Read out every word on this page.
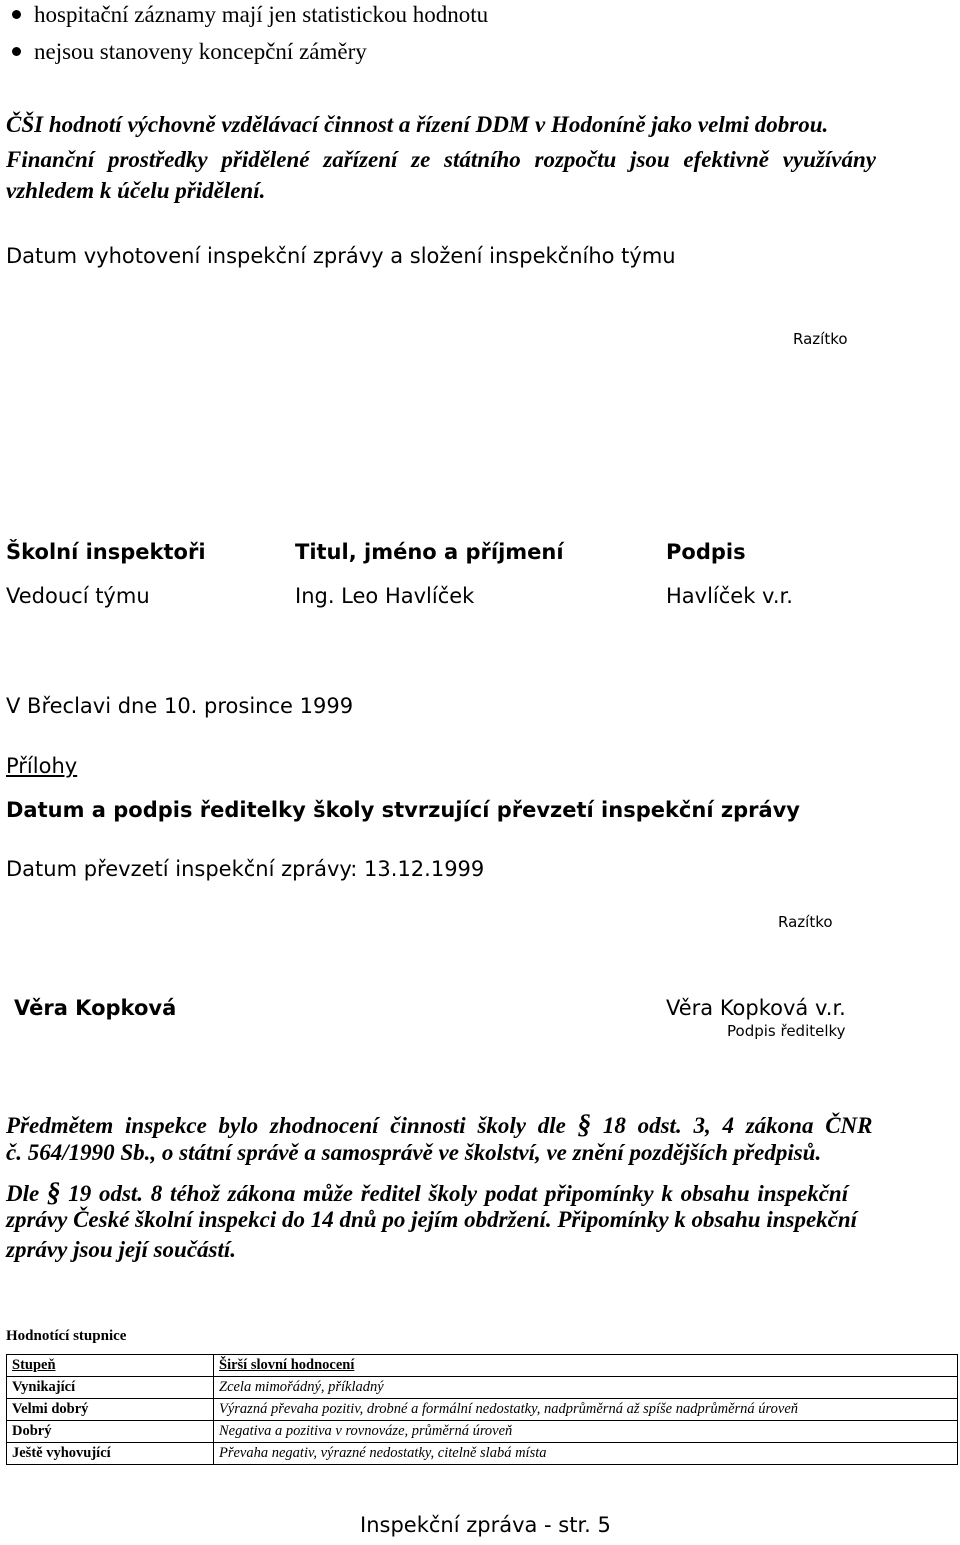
hospitační záznamy mají jen statistickou hodnotu
nejsou stanoveny koncepční záměry
ČŠI hodnotí výchovně vzdělávací činnost a řízení DDM v Hodoníně jako velmi dobrou.
Finanční prostředky přidělené zařízení ze státního rozpočtu jsou efektivně využívány
vzhledem k účelu přidělení.
Datum vyhotovení inspekční zprávy a složení inspekčního týmu
Razítko
Školní inspektoři	Titul, jméno a příjmení	Podpis
Vedoucí týmu	Ing. Leo Havlíček	Havlíček v.r.
V Břeclavi dne 10. prosince 1999
Přílohy
Datum a podpis ředitelky školy stvrzující převzetí inspekční zprávy
Datum převzetí inspekční zprávy: 13.12.1999
Razítko
Věra Kopková	Věra Kopková v.r.
Podpis ředitelky
Předmětem inspekce bylo zhodnocení činnosti školy dle § 18 odst. 3, 4 zákona ČNR
č. 564/1990 Sb., o státní správě a samosprávě ve školství, ve znění pozdějších předpisů.
Dle § 19 odst. 8 téhož zákona může ředitel školy podat připomínky k obsahu inspekční
zprávy České školní inspekci do 14 dnů po jejím obdržení. Připomínky k obsahu inspekční
zprávy jsou její součástí.
Hodnotící stupnice
Stupeň	Širší slovní hodnocení
Vynikající	Zcela mimořádný, příkladný
Velmi dobrý	Výrazná převaha pozitiv, drobné a formální nedostatky, nadprůměrná až spíše nadprůměrná úroveň
Dobrý	Negativa a pozitiva v rovnováze, průměrná úroveň
Ještě vyhovující	Převaha negativ, výrazné nedostatky, citelně slabá místa
Inspekční zpráva - str. 5
